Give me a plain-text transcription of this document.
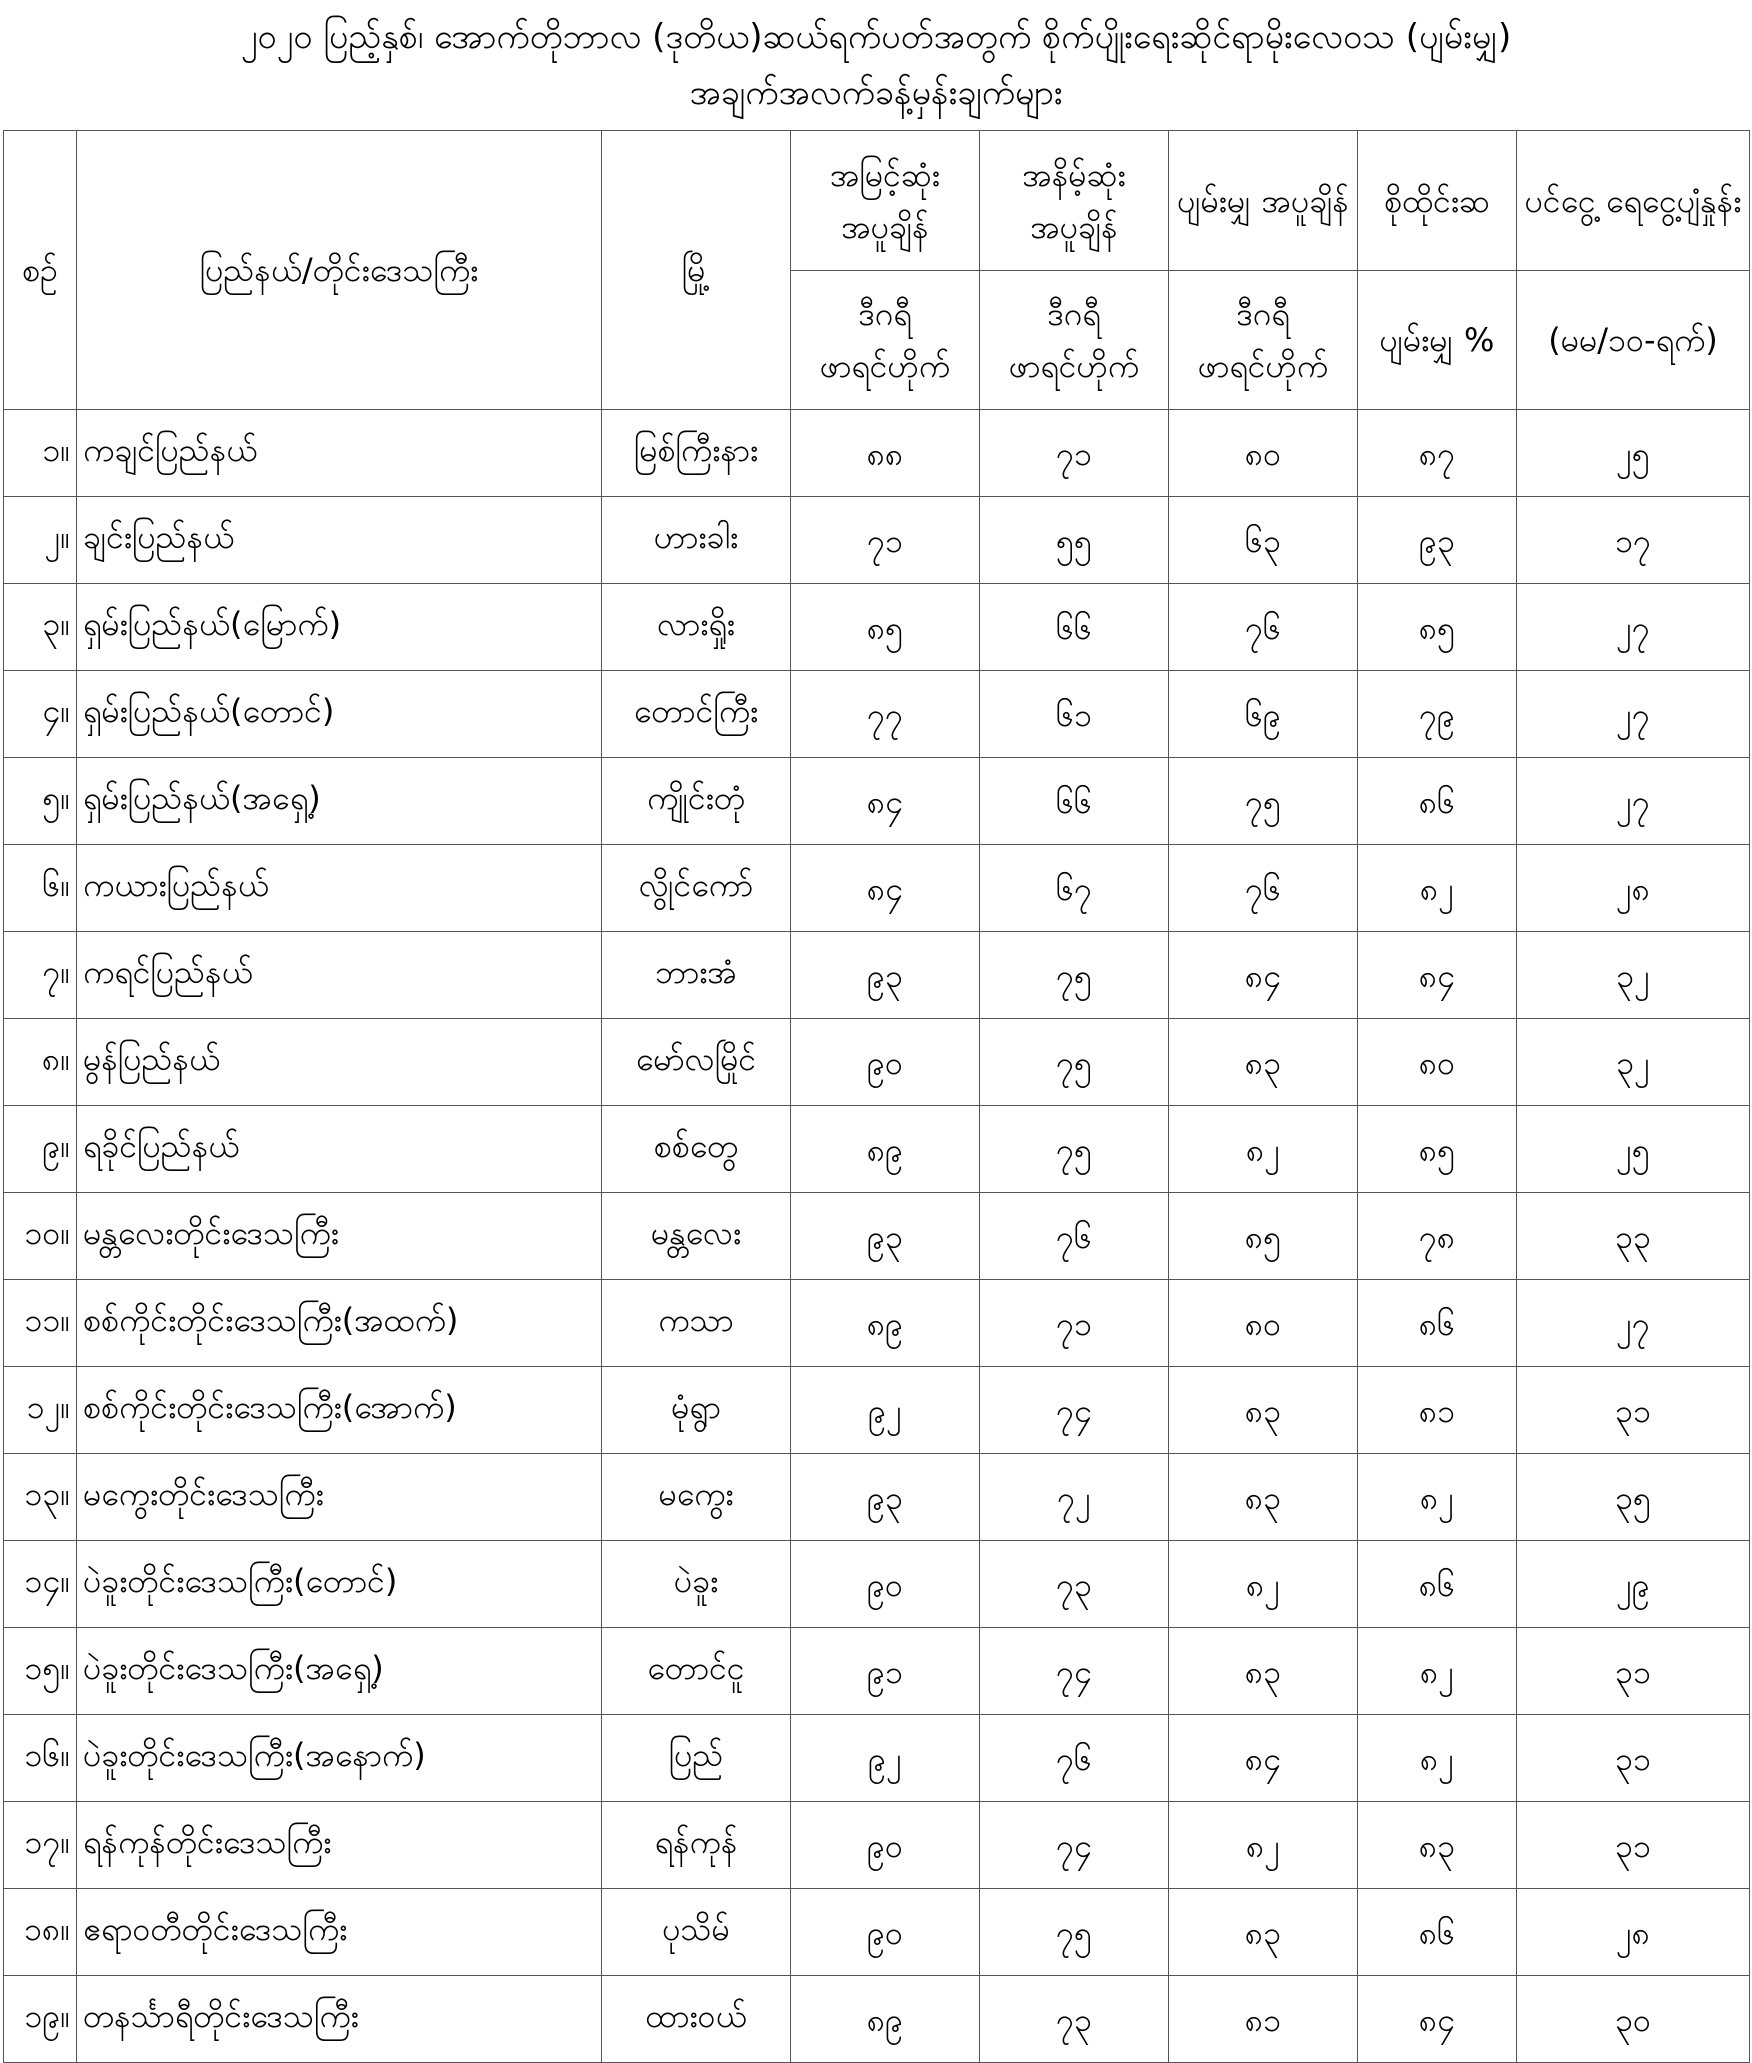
၂၀၂၀ ပြည့်နှစ်၊ အောက်တိုဘာလ (ဒုတိယ)ဆယ်ရက်ပတ်အတွက် စိုက်ပျိုးရေးဆိုင်ရာမိုးလေဝသ (ပျမ်းမျှ)
အချက်အလက်ခန့်မှန်းချက်များ
စဉ်	ပြည်နယ်/တိုင်းဒေသကြီး	မြို့	အမြင့်ဆုံး အပူချိန်	အနိမ့်ဆုံး အပူချိန်	ပျမ်းမျှ အပူချိန်	စိုထိုင်းဆ	ပင်ငွေ့ ရေငွေ့ပျံနှုန်း
			ဒီဂရီ ဖာရင်ဟိုက်	ဒီဂရီ ဖာရင်ဟိုက်	ဒီဂရီ ဖာရင်ဟိုက်	ပျမ်းမျှ %	(မမ/၁၀-ရက်)
၁။	ကချင်ပြည်နယ်	မြစ်ကြီးနား	၈၈	၇၁	၈၀	၈၇	၂၅
၂။	ချင်းပြည်နယ်	ဟားခါး	၇၁	၅၅	၆၃	၉၃	၁၇
၃။	ရှမ်းပြည်နယ်(မြောက်)	လားရှိုး	၈၅	၆၆	၇၆	၈၅	၂၇
၄။	ရှမ်းပြည်နယ်(တောင်)	တောင်ကြီး	၇၇	၆၁	၆၉	၇၉	၂၇
၅။	ရှမ်းပြည်နယ်(အရှေ့)	ကျိုင်းတုံ	၈၄	၆၆	၇၅	၈၆	၂၇
၆။	ကယားပြည်နယ်	လွိုင်ကော်	၈၄	၆၇	၇၆	၈၂	၂၈
၇။	ကရင်ပြည်နယ်	ဘားအံ	၉၃	၇၅	၈၄	၈၄	၃၂
၈။	မွန်ပြည်နယ်	မော်လမြိုင်	၉၀	၇၅	၈၃	၈၀	၃၂
၉။	ရခိုင်ပြည်နယ်	စစ်တွေ	၈၉	၇၅	၈၂	၈၅	၂၅
၁၀။	မန္တလေးတိုင်းဒေသကြီး	မန္တလေး	၉၃	၇၆	၈၅	၇၈	၃၃
၁၁။	စစ်ကိုင်းတိုင်းဒေသကြီး(အထက်)	ကသာ	၈၉	၇၁	၈၀	၈၆	၂၇
၁၂။	စစ်ကိုင်းတိုင်းဒေသကြီး(အောက်)	မုံရွာ	၉၂	၇၄	၈၃	၈၁	၃၁
၁၃။	မကွေးတိုင်းဒေသကြီး	မကွေး	၉၃	၇၂	၈၃	၈၂	၃၅
၁၄။	ပဲခူးတိုင်းဒေသကြီး(တောင်)	ပဲခူး	၉၀	၇၃	၈၂	၈၆	၂၉
၁၅။	ပဲခူးတိုင်းဒေသကြီး(အရှေ့)	တောင်ငူ	၉၁	၇၄	၈၃	၈၂	၃၁
၁၆။	ပဲခူးတိုင်းဒေသကြီး(အနောက်)	ပြည်	၉၂	၇၆	၈၄	၈၂	၃၁
၁၇။	ရန်ကုန်တိုင်းဒေသကြီး	ရန်ကုန်	၉၀	၇၄	၈၂	၈၃	၃၁
၁၈။	ဧရာဝတီတိုင်းဒေသကြီး	ပုသိမ်	၉၀	၇၅	၈၃	၈၆	၂၈
၁၉။	တနင်္သာရီတိုင်းဒေသကြီး	ထားဝယ်	၈၉	၇၃	၈၁	၈၄	၃၀
